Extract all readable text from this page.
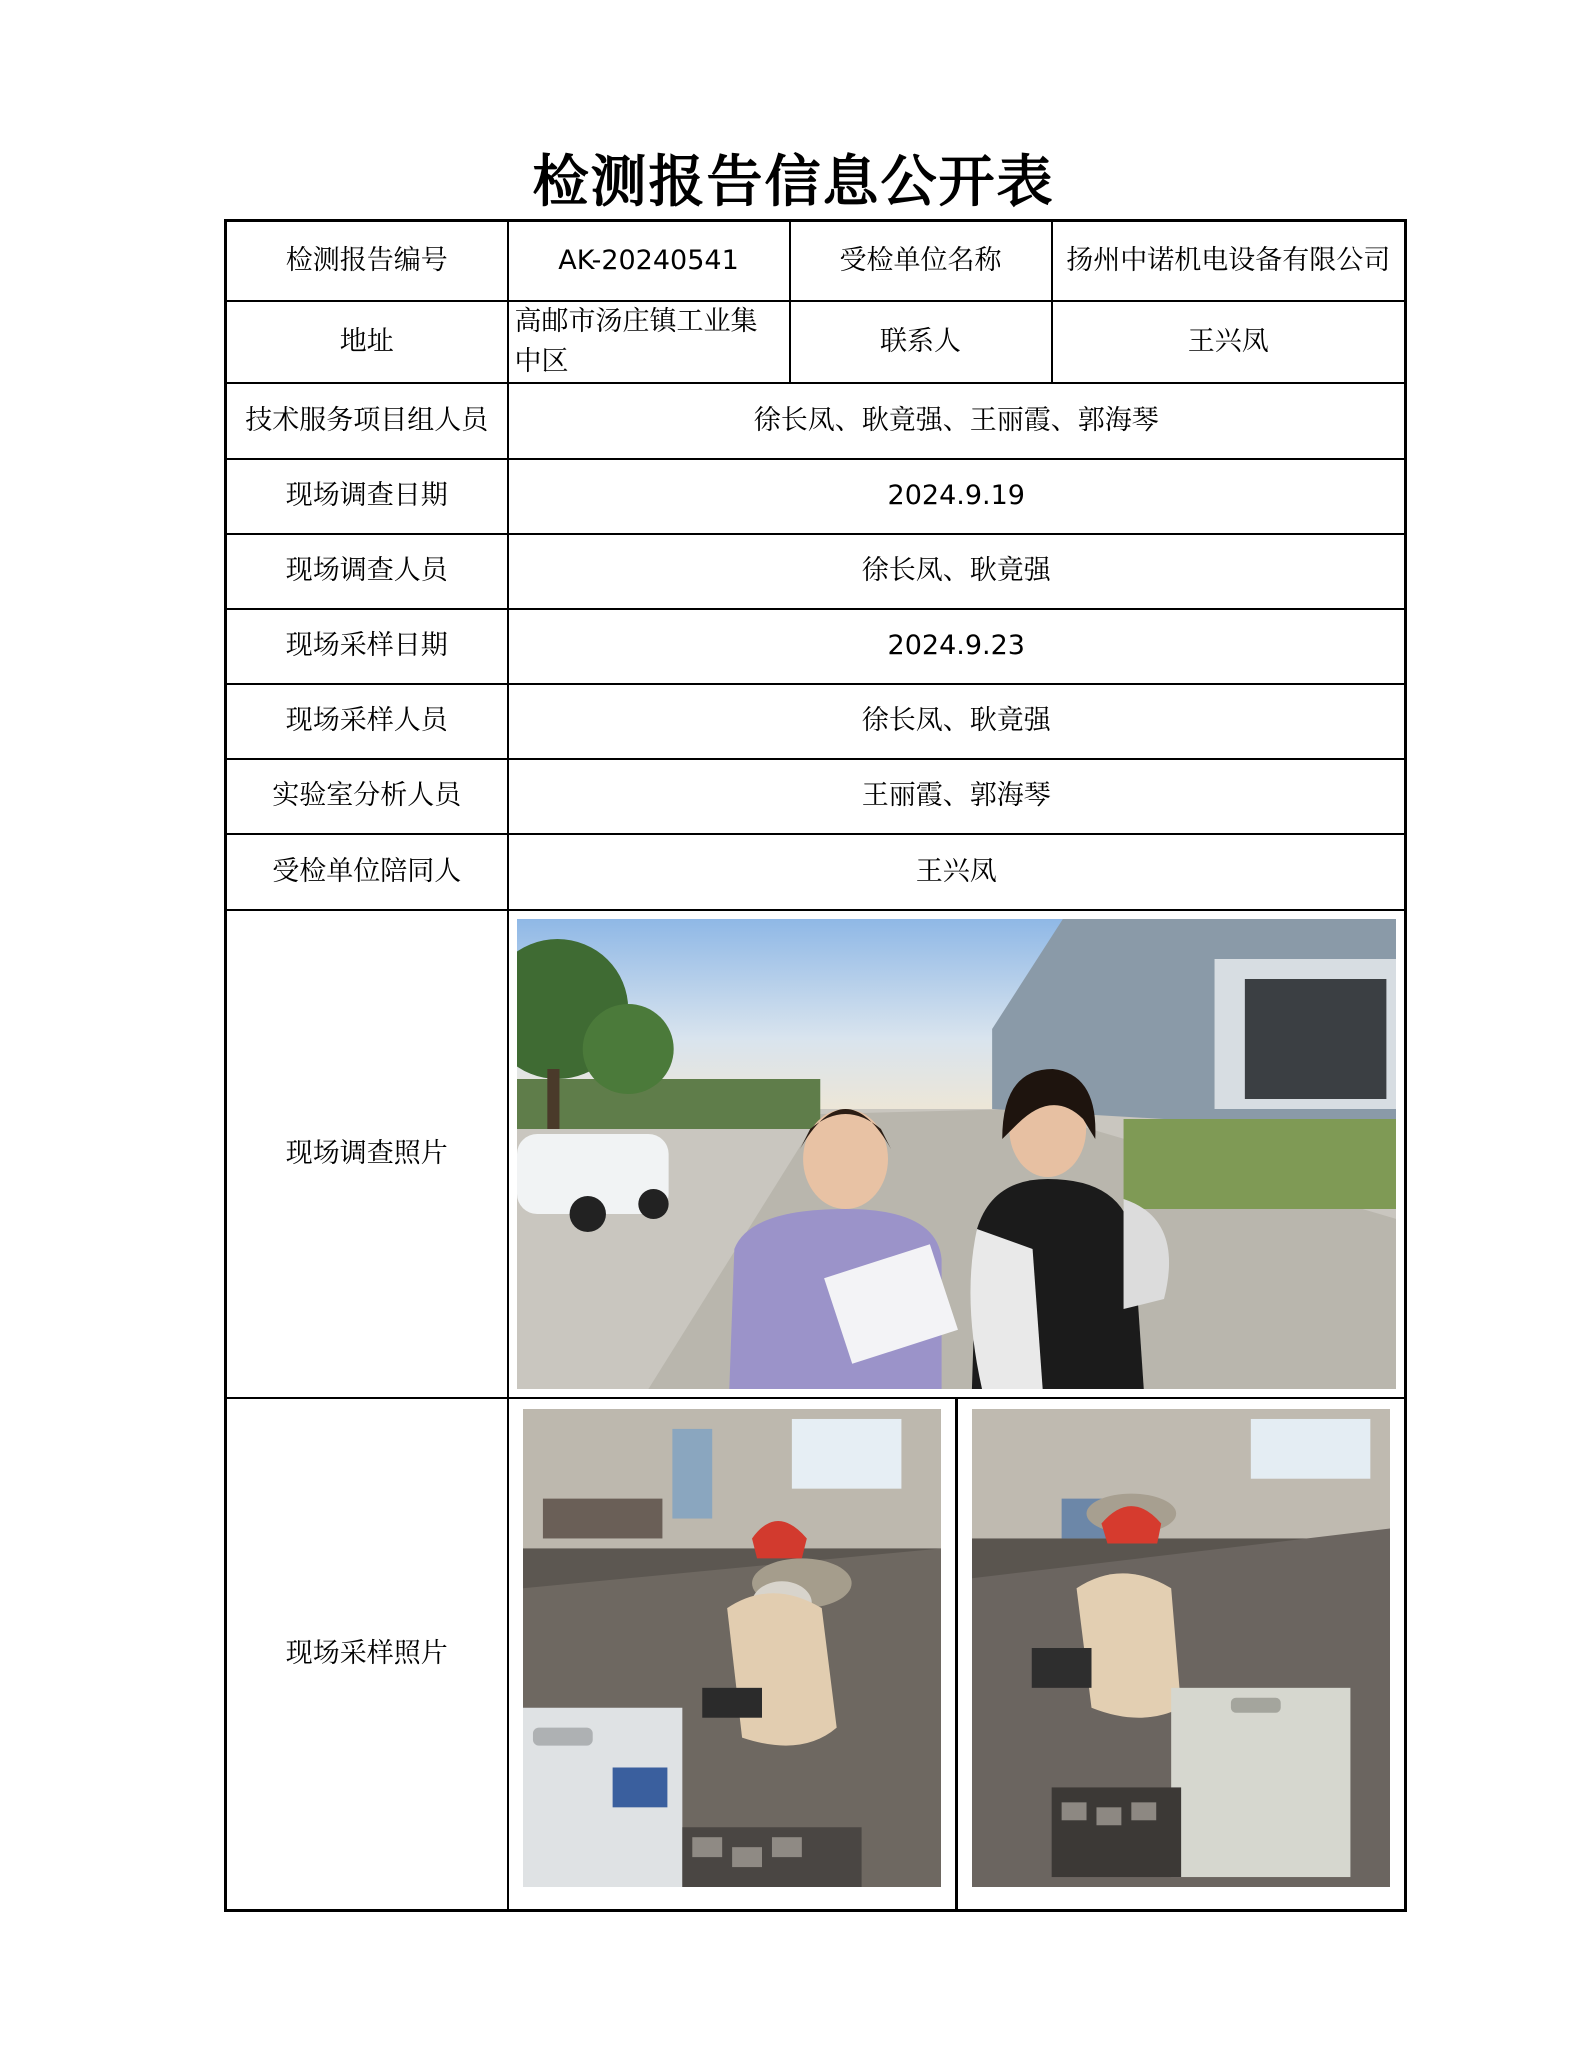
检测报告信息公开表
检测报告编号	AK-20240541	受检单位名称	扬州中诺机电设备有限公司
地址	高邮市汤庄镇工业集中区	联系人	王兴凤
技术服务项目组人员	徐长凤、耿竟强、王丽霞、郭海琴		
现场调查日期	2024.9.19		
现场调查人员	徐长凤、耿竟强		
现场采样日期	2024.9.23		
现场采样人员	徐长凤、耿竟强		
实验室分析人员	王丽霞、郭海琴		
受检单位陪同人	王兴凤		
现场调查照片	

现场采样照片	
